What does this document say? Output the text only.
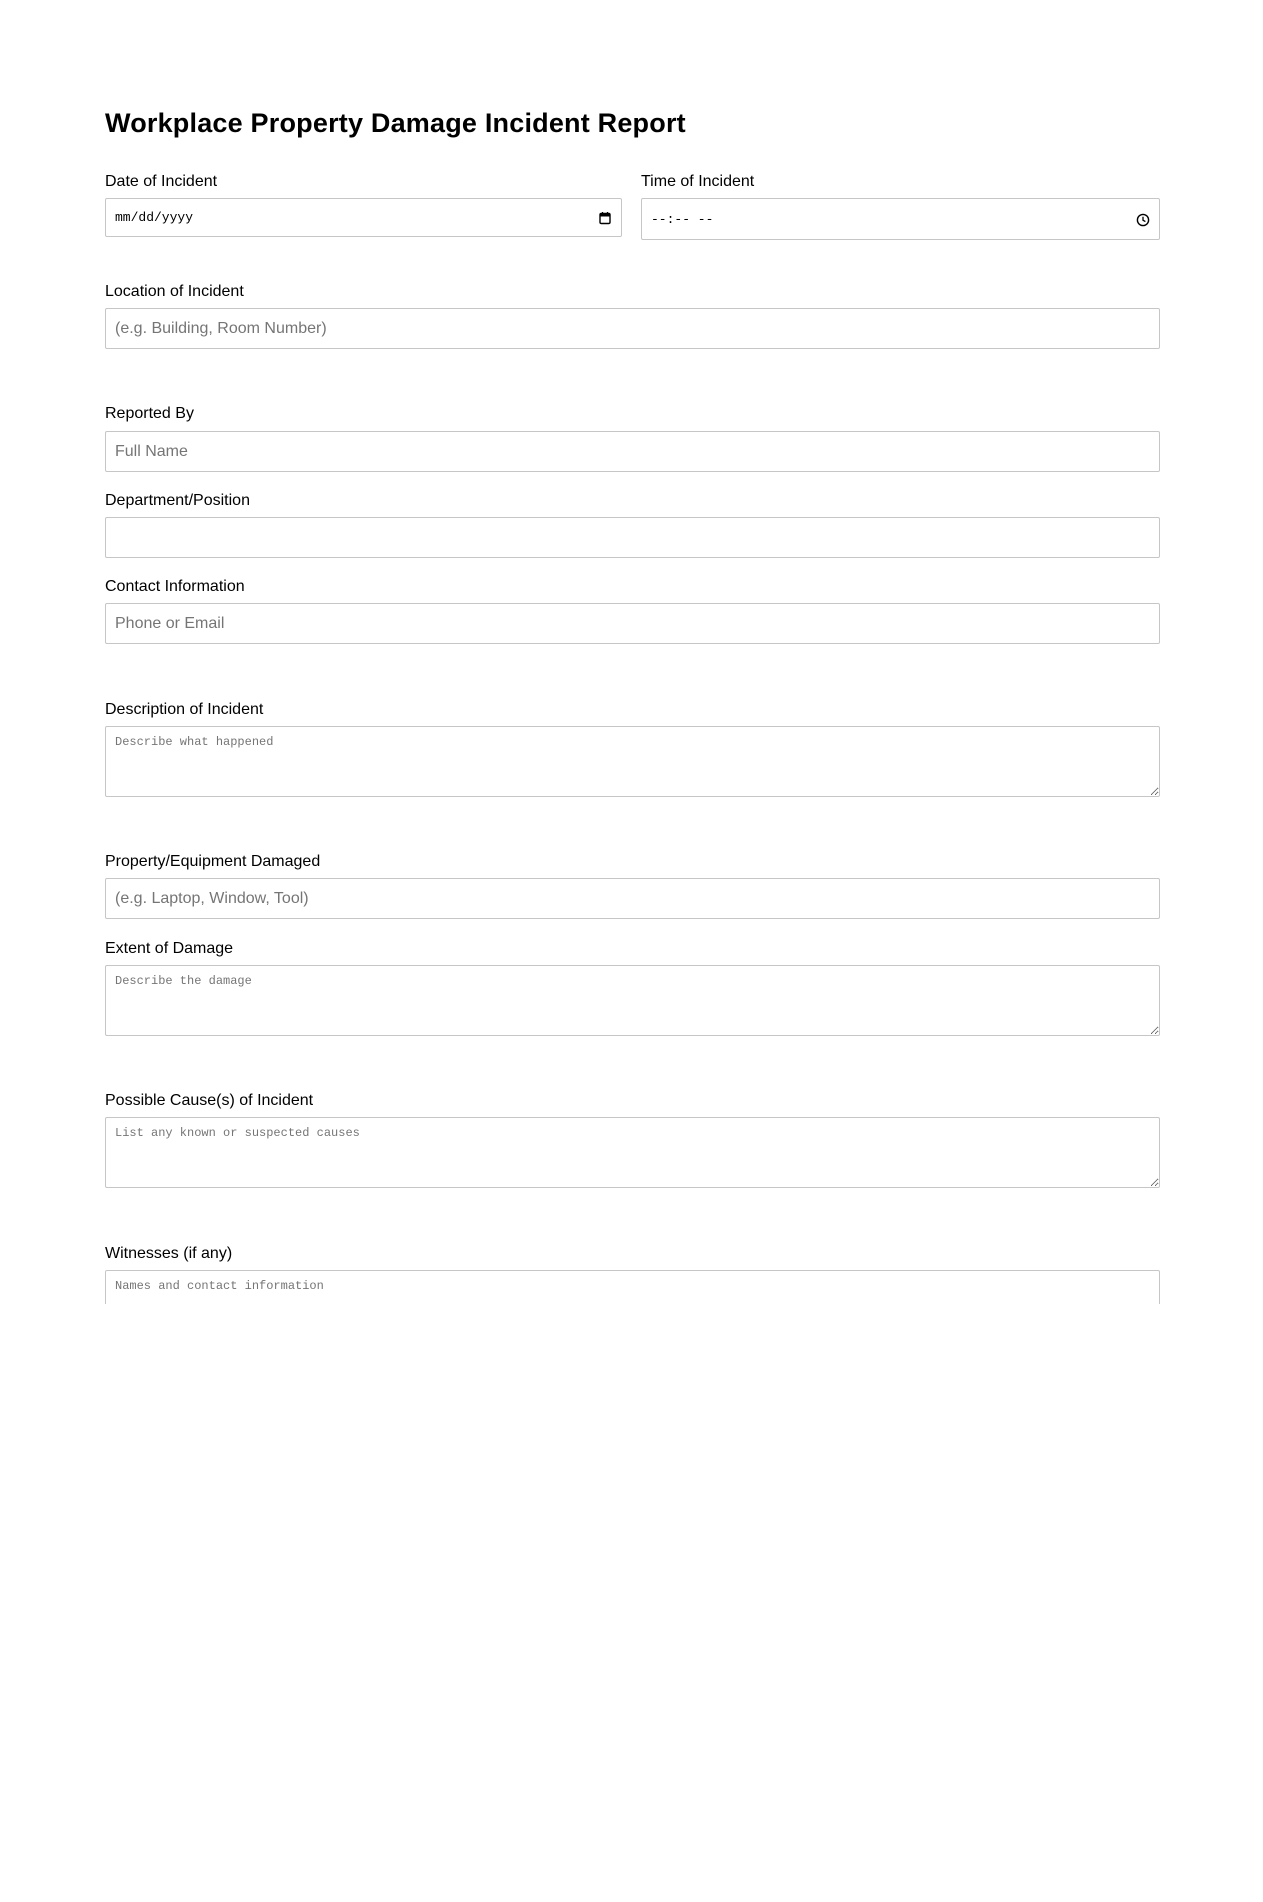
Workplace Property Damage Incident Report
Date of Incident
mm/dd/yyyy
Time of Incident
--:-- --
Location of Incident
(e.g. Building, Room Number)
Reported By
Full Name
Department/Position
Contact Information
Phone or Email
Description of Incident
Describe what happened
Property/Equipment Damaged
(e.g. Laptop, Window, Tool)
Extent of Damage
Describe the damage
Possible Cause(s) of Incident
List any known or suspected causes
Witnesses (if any)
Names and contact information
